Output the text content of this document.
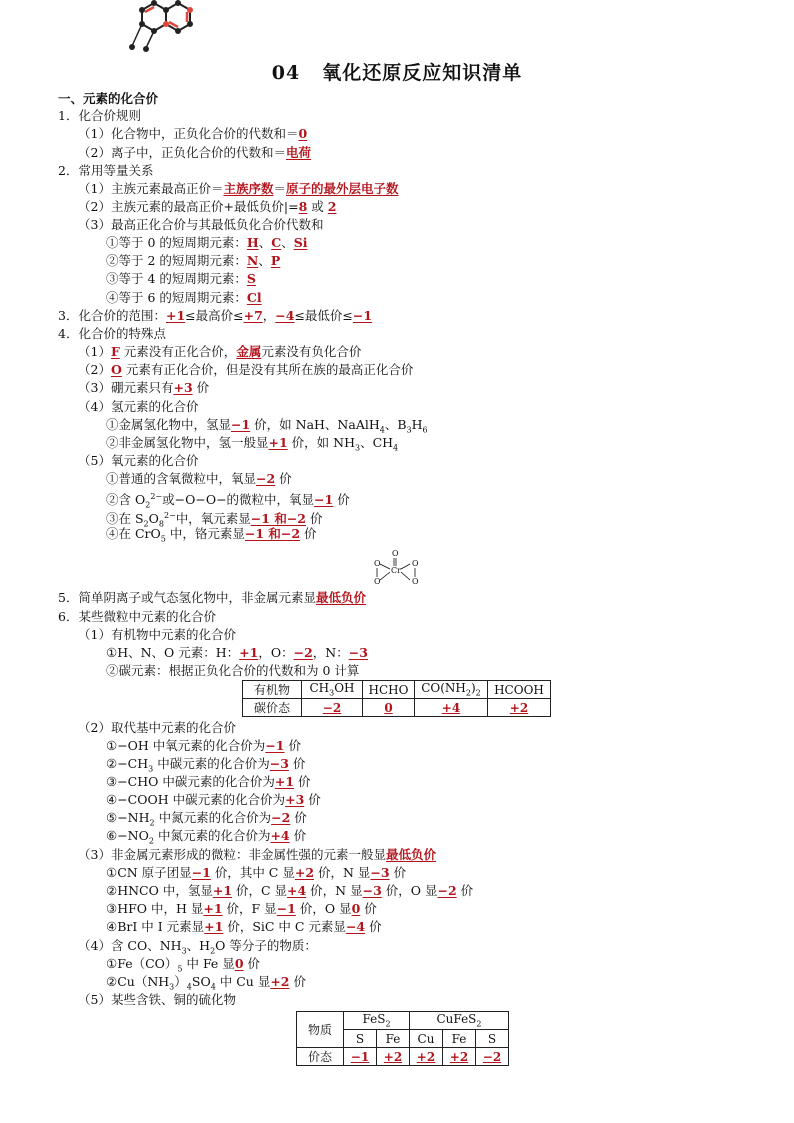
04 氧化还原反应知识清单
一、元素的化合价
1．化合价规则
（1）化合物中，正负化合价的代数和＝0
（2）离子中，正负化合价的代数和＝电荷
2．常用等量关系
（1）主族元素最高正价＝主族序数＝原子的最外层电子数
（2）主族元素的最高正价+最低负价|=8 或 2
（3）最高正化合价与其最低负化合价代数和
①等于 0 的短周期元素：H、C、Si
②等于 2 的短周期元素：N、P
③等于 4 的短周期元素：S
④等于 6 的短周期元素：Cl
3．化合价的范围：+1≤最高价≤+7，−4≤最低价≤−1
4．化合价的特殊点
（1）F 元素没有正化合价，金属元素没有负化合价
（2）O 元素有正化合价，但是没有其所在族的最高正化合价
（3）硼元素只有+3 价
（4）氢元素的化合价
①金属氢化物中，氢显−1 价，如 NaH、NaAlH$_4$、$B_3H_6$
②非金属氢化物中，氢一般显+1 价，如 $NH_3$、$CH_4$
（5）氧元素的化合价
①普通的含氧微粒中，氧显−2 价
②含 $O_2^{2-}$或−O−O−的微粒中，氧显−1 价
③在 $S_2O_8^{2-}$中，氧元素显−1 和−2 价
④在 CrO$_5$ 中，铬元素显−1 和−2 价
5．简单阴离子或气态氢化物中，非金属元素显最低负价
6．某些微粒中元素的化合价
（1）有机物中元素的化合价
①H、N、O 元素：H：+1，O：−2，N：−3
②碳元素：根据正负化合价的代数和为 0 计算
（2）取代基中元素的化合价
①−OH 中氧元素的化合价为−1 价
$②-CH_3$ 中碳元素的化合价为−3 价
③−CHO 中碳元素的化合价为+1 价
④−COOH 中碳元素的化合价为+3 价
$⑤-NH_2$ 中氮元素的化合价为−2 价
$⑥-NO_2$ 中氮元素的化合价为+4 价
（3）非金属元素形成的微粒：非金属性强的元素一般显最低负价
①CN 原子团显−1 价，其中 C 显+2 价，N 显−3 价
②HNCO 中，氢显+1 价，C 显+4 价，N 显−3 价，O 显−2 价
③HFO 中，H 显+1 价，F 显−1 价，O 显0 价
④BrI 中 I 元素显+1 价，SiC 中 C 元素显−4 价
（4）含 CO、$NH_3$、$H_2O$ 等分子的物质：
$①Fe(CO)_5$ 中 Fe 显0 价
$②Cu(NH_3)_4SO_4$ 中 Cu 显+2 价
（5）某些含铁、铜的硫化物
O
Cr
O	O
O	O
有机物	$CH_3OH$	HCHO	$CO(NH_2)_2$	HCOOH
碳价态	−2	0	+4	+2
物质	FeS$_2$		CuFeS$_2$
	S	Fe	Cu	Fe	S
价态	−1	+2	+2	+2	−2
